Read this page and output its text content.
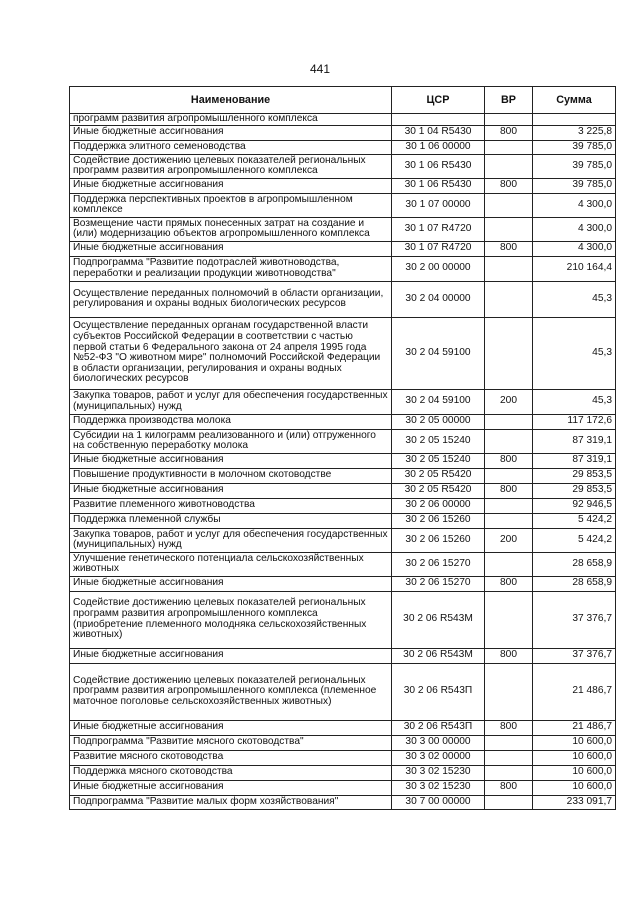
441
Наименование	ЦСР	ВР	Сумма
программ развития агропромышленного комплекса			
Иные бюджетные ассигнования	30 1 04 R5430	800	3 225,8
Поддержка элитного семеноводства	30 1 06 00000		39 785,0
Содействие достижению целевых показателей региональных программ развития агропромышленного комплекса	30 1 06 R5430		39 785,0
Иные бюджетные ассигнования	30 1 06 R5430	800	39 785,0
Поддержка перспективных проектов в агропромышленном комплексе	30 1 07 00000		4 300,0
Возмещение части прямых понесенных затрат на создание и (или) модернизацию объектов агропромышленного комплекса	30 1 07 R4720		4 300,0
Иные бюджетные ассигнования	30 1 07 R4720	800	4 300,0
Подпрограмма "Развитие подотраслей животноводства, переработки и реализации продукции животноводства"	30 2 00 00000		210 164,4
Осуществление переданных полномочий в области организации, регулирования и охраны водных биологических ресурсов	30 2 04 00000		45,3
Осуществление переданных органам государственной власти субъектов Российской Федерации в соответствии с частью первой статьи 6 Федерального закона от 24 апреля 1995 года №52-ФЗ "О животном мире" полномочий Российской Федерации в области организации, регулирования и охраны водных биологических ресурсов	30 2 04 59100		45,3
Закупка товаров, работ и услуг для обеспечения государственных (муниципальных) нужд	30 2 04 59100	200	45,3
Поддержка производства молока	30 2 05 00000		117 172,6
Субсидии на 1 килограмм реализованного и (или) отгруженного на собственную переработку молока	30 2 05 15240		87 319,1
Иные бюджетные ассигнования	30 2 05 15240	800	87 319,1
Повышение продуктивности в молочном скотоводстве	30 2 05 R5420		29 853,5
Иные бюджетные ассигнования	30 2 05 R5420	800	29 853,5
Развитие племенного животноводства	30 2 06 00000		92 946,5
Поддержка племенной службы	30 2 06 15260		5 424,2
Закупка товаров, работ и услуг для обеспечения государственных (муниципальных) нужд	30 2 06 15260	200	5 424,2
Улучшение генетического потенциала сельскохозяйственных животных	30 2 06 15270		28 658,9
Иные бюджетные ассигнования	30 2 06 15270	800	28 658,9
Содействие достижению целевых показателей региональных программ развития агропромышленного комплекса (приобретение племенного молодняка сельскохозяйственных животных)	30 2 06 R543М		37 376,7
Иные бюджетные ассигнования	30 2 06 R543М	800	37 376,7
Содействие достижению целевых показателей региональных программ развития агропромышленного комплекса (племенное маточное поголовье сельскохозяйственных животных)	30 2 06 R543П		21 486,7
Иные бюджетные ассигнования	30 2 06 R543П	800	21 486,7
Подпрограмма "Развитие мясного скотоводства"	30 3 00 00000		10 600,0
Развитие мясного скотоводства	30 3 02 00000		10 600,0
Поддержка мясного скотоводства	30 3 02 15230		10 600,0
Иные бюджетные ассигнования	30 3 02 15230	800	10 600,0
Подпрограмма "Развитие малых форм хозяйствования"	30 7 00 00000		233 091,7
